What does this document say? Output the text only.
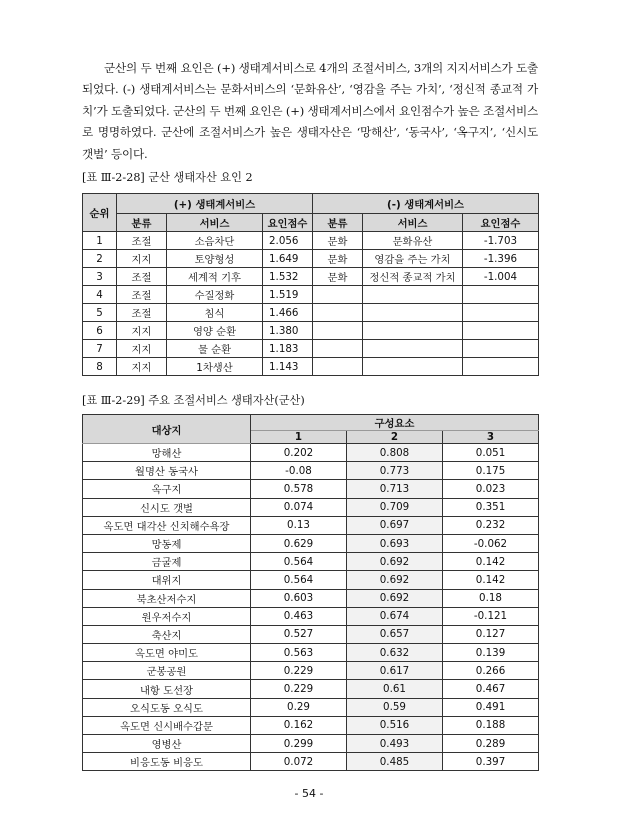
군산의 두 번째 요인은 (+) 생태계서비스로 4개의 조절서비스, 3개의 지지서비스가 도출되었다. (-) 생태계서비스는 문화서비스의 ‘문화유산’, ‘영감을 주는 가치’, ‘정신적 종교적 가치’가 도출되었다. 군산의 두 번째 요인은 (+) 생태계서비스에서 요인점수가 높은 조절서비스로 명명하였다. 군산에 조절서비스가 높은 생태자산은 ‘망해산’, ‘동국사’, ‘옥구지’, ‘신시도 갯벌’ 등이다.

[표 Ⅲ-2-28] 군산 생태자산 요인 2

순위	(+) 생태계서비스			(-) 생태계서비스		
	분류	서비스	요인점수	분류	서비스	요인점수
1	조절	소음차단	2.056	문화	문화유산	-1.703
2	지지	토양형성	1.649	문화	영감을 주는 가치	-1.396
3	조절	세계적 기후	1.532	문화	정신적 종교적 가치	-1.004
4	조절	수질정화	1.519			
5	조절	침식	1.466			
6	지지	영양 순환	1.380			
7	지지	물 순환	1.183			
8	지지	1차생산	1.143			

[표 Ⅲ-2-29] 주요 조절서비스 생태자산(군산)

대상지	구성요소		
	1	2	3
망해산	0.202	0.808	0.051
월명산 동국사	-0.08	0.773	0.175
옥구지	0.578	0.713	0.023
신시도 갯벌	0.074	0.709	0.351
옥도면 대각산 신치해수욕장	0.13	0.697	0.232
망동제	0.629	0.693	-0.062
금굴제	0.564	0.692	0.142
대위지	0.564	0.692	0.142
북초산저수지	0.603	0.692	0.18
원우저수지	0.463	0.674	-0.121
축산지	0.527	0.657	0.127
옥도면 야미도	0.563	0.632	0.139
군봉공원	0.229	0.617	0.266
내항 도선장	0.229	0.61	0.467
오식도동 오식도	0.29	0.59	0.491
옥도면 신시배수갑문	0.162	0.516	0.188
영병산	0.299	0.493	0.289
비응도동 비응도	0.072	0.485	0.397
- 54 -
